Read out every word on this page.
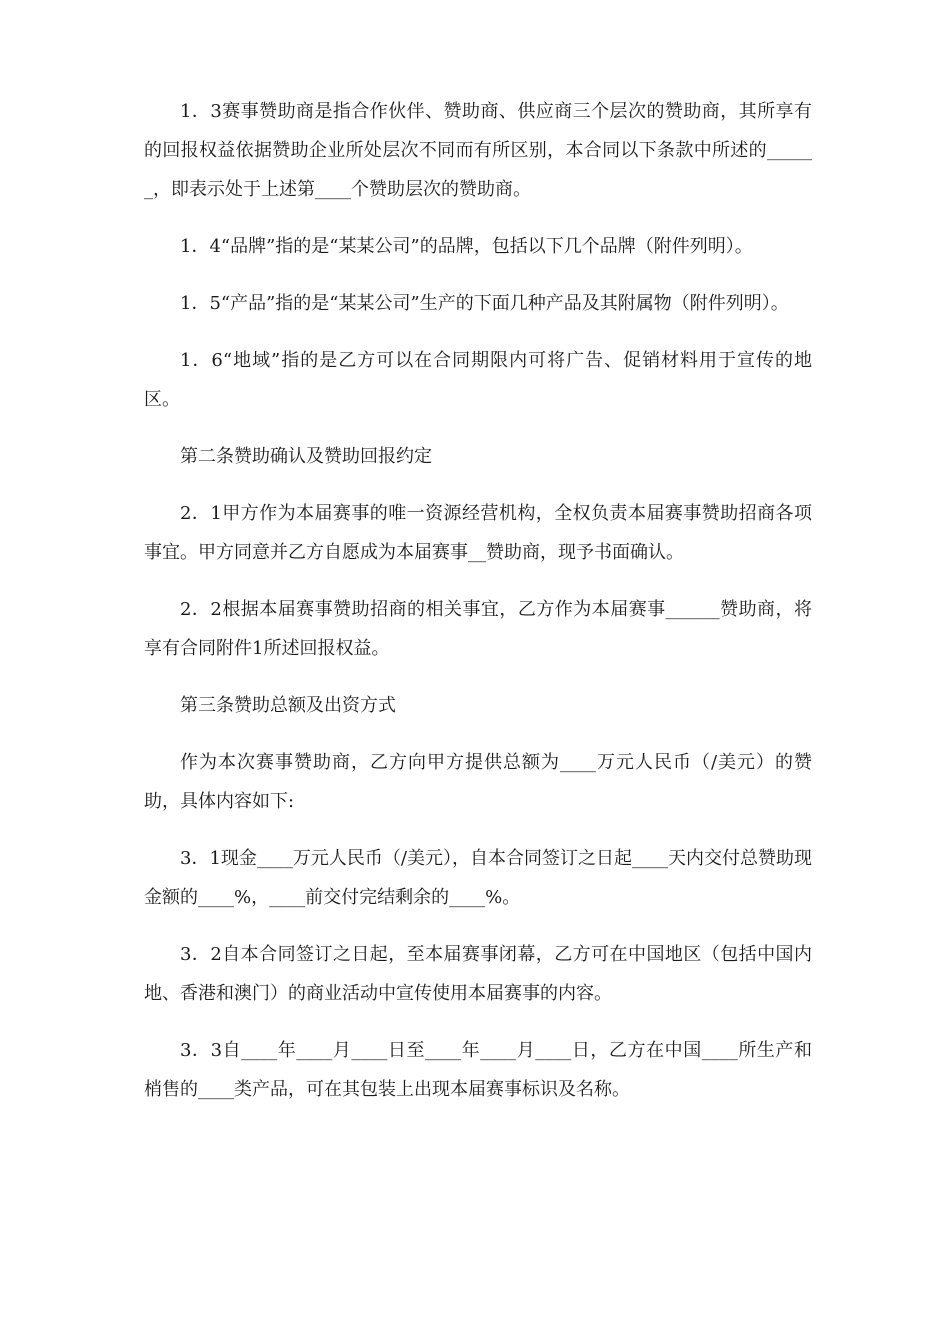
1．3赛事赞助商是指合作伙伴、赞助商、供应商三个层次的赞助商，其所享有的回报权益依据赞助企业所处层次不同而有所区别，本合同以下条款中所述的______，即表示处于上述第____个赞助层次的赞助商。

1．4“品牌”指的是“某某公司”的品牌，包括以下几个品牌（附件列明）。

1．5“产品”指的是“某某公司”生产的下面几种产品及其附属物（附件列明）。

1．6“地域”指的是乙方可以在合同期限内可将广告、促销材料用于宣传的地区。

第二条赞助确认及赞助回报约定

2．1甲方作为本届赛事的唯一资源经营机构，全权负责本届赛事赞助招商各项事宜。甲方同意并乙方自愿成为本届赛事__赞助商，现予书面确认。

2．2根据本届赛事赞助招商的相关事宜，乙方作为本届赛事______赞助商，将享有合同附件1所述回报权益。

第三条赞助总额及出资方式

作为本次赛事赞助商，乙方向甲方提供总额为____万元人民币（/美元）的赞助，具体内容如下:

3．1现金____万元人民币（/美元），自本合同签订之日起____天内交付总赞助现金额的____%，____前交付完结剩余的____%。

3．2自本合同签订之日起，至本届赛事闭幕，乙方可在中国地区（包括中国内地、香港和澳门）的商业活动中宣传使用本届赛事的内容。

3．3自____年____月____日至____年____月____日，乙方在中国____所生产和梢售的____类产品，可在其包装上出现本届赛事标识及名称。
